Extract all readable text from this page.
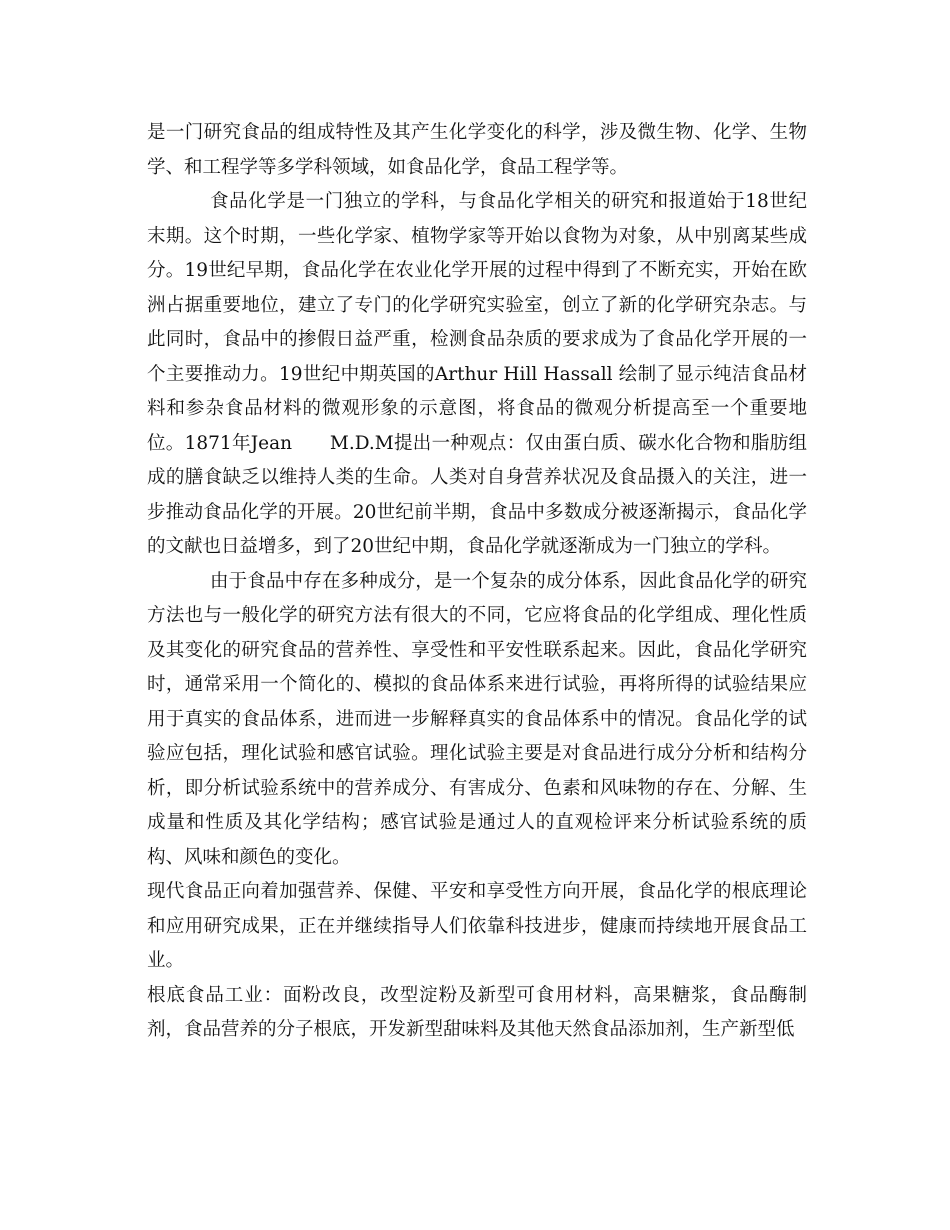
是一门研究食品的组成特性及其产生化学变化的科学，涉及微生物、化学、生物学、和工程学等多学科领域，如食品化学，食品工程学等。

食品化学是一门独立的学科，与食品化学相关的研究和报道始于18世纪末期。这个时期，一些化学家、植物学家等开始以食物为对象，从中别离某些成分。19世纪早期，食品化学在农业化学开展的过程中得到了不断充实，开始在欧洲占据重要地位，建立了专门的化学研究实验室，创立了新的化学研究杂志。与此同时，食品中的掺假日益严重，检测食品杂质的要求成为了食品化学开展的一个主要推动力。19世纪中期英国的Arthur Hill Hassall 绘制了显示纯洁食品材料和参杂食品材料的微观形象的示意图，将食品的微观分析提高至一个重要地位。1871年Jean　　M.D.M提出一种观点：仅由蛋白质、碳水化合物和脂肪组成的膳食缺乏以维持人类的生命。人类对自身营养状况及食品摄入的关注，进一步推动食品化学的开展。20世纪前半期，食品中多数成分被逐渐揭示，食品化学的文献也日益增多，到了20世纪中期，食品化学就逐渐成为一门独立的学科。

由于食品中存在多种成分，是一个复杂的成分体系，因此食品化学的研究方法也与一般化学的研究方法有很大的不同，它应将食品的化学组成、理化性质及其变化的研究食品的营养性、享受性和平安性联系起来。因此，食品化学研究时，通常采用一个简化的、模拟的食品体系来进行试验，再将所得的试验结果应用于真实的食品体系，进而进一步解释真实的食品体系中的情况。食品化学的试验应包括，理化试验和感官试验。理化试验主要是对食品进行成分分析和结构分析，即分析试验系统中的营养成分、有害成分、色素和风味物的存在、分解、生成量和性质及其化学结构；感官试验是通过人的直观检评来分析试验系统的质构、风味和颜色的变化。

现代食品正向着加强营养、保健、平安和享受性方向开展，食品化学的根底理论和应用研究成果，正在并继续指导人们依靠科技进步，健康而持续地开展食品工业。

根底食品工业：面粉改良，改型淀粉及新型可食用材料，高果糖浆，食品酶制剂，食品营养的分子根底，开发新型甜味料及其他天然食品添加剂，生产新型低
